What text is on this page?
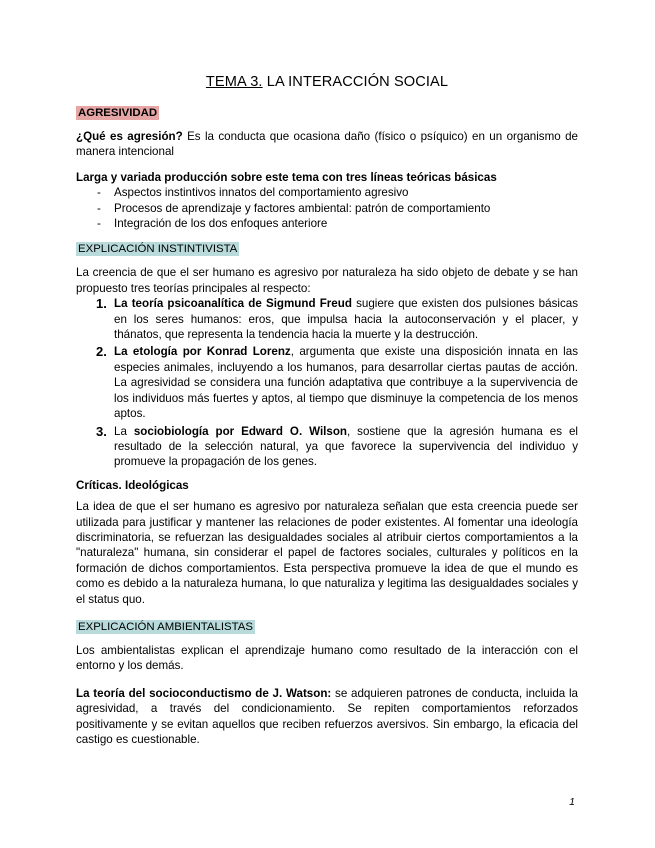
TEMA 3. LA INTERACCIÓN SOCIAL
AGRESIVIDAD

¿Qué es agresión? Es la conducta que ocasiona daño (físico o psíquico) en un organismo de manera intencional

Larga y variada producción sobre este tema con tres líneas teóricas básicas

- Aspectos instintivos innatos del comportamiento agresivo
- Procesos de aprendizaje y factores ambiental: patrón de comportamiento
- Integración de los dos enfoques anteriore
EXPLICACIÓN INSTINTIVISTA

La creencia de que el ser humano es agresivo por naturaleza ha sido objeto de debate y se han propuesto tres teorías principales al respecto:

1. La teoría psicoanalítica de Sigmund Freud sugiere que existen dos pulsiones básicas en los seres humanos: eros, que impulsa hacia la autoconservación y el placer, y thánatos, que representa la tendencia hacia la muerte y la destrucción.
2. La etología por Konrad Lorenz, argumenta que existe una disposición innata en las especies animales, incluyendo a los humanos, para desarrollar ciertas pautas de acción. La agresividad se considera una función adaptativa que contribuye a la supervivencia de los individuos más fuertes y aptos, al tiempo que disminuye la competencia de los menos aptos.
3. La sociobiología por Edward O. Wilson, sostiene que la agresión humana es el resultado de la selección natural, ya que favorece la supervivencia del individuo y promueve la propagación de los genes.

Críticas. Ideológicas

La idea de que el ser humano es agresivo por naturaleza señalan que esta creencia puede ser utilizada para justificar y mantener las relaciones de poder existentes. Al fomentar una ideología discriminatoria, se refuerzan las desigualdades sociales al atribuir ciertos comportamientos a la "naturaleza" humana, sin considerar el papel de factores sociales, culturales y políticos en la formación de dichos comportamientos. Esta perspectiva promueve la idea de que el mundo es como es debido a la naturaleza humana, lo que naturaliza y legitima las desigualdades sociales y el status quo.

EXPLICACIÓN AMBIENTALISTAS

Los ambientalistas explican el aprendizaje humano como resultado de la interacción con el entorno y los demás.

La teoría del socioconductismo de J. Watson: se adquieren patrones de conducta, incluida la agresividad, a través del condicionamiento. Se repiten comportamientos reforzados positivamente y se evitan aquellos que reciben refuerzos aversivos. Sin embargo, la eficacia del castigo es cuestionable.

1
